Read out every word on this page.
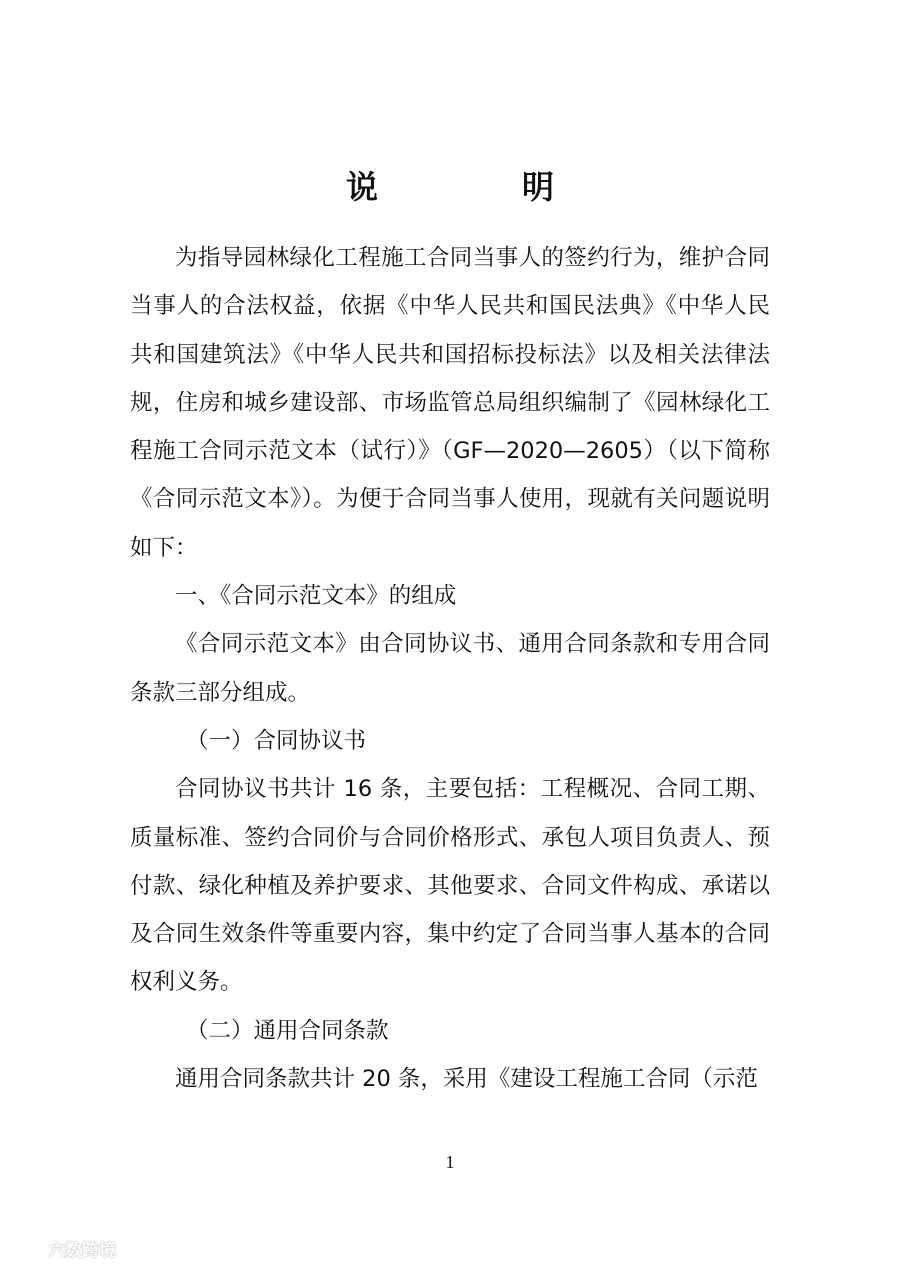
说　明

为指导园林绿化工程施工合同当事人的签约行为，维护合同当事人的合法权益，依据《中华人民共和国民法典》《中华人民共和国建筑法》《中华人民共和国招标投标法》以及相关法律法规，住房和城乡建设部、市场监管总局组织编制了《园林绿化工程施工合同示范文本（试行）》（GF—2020—2605）（以下简称《合同示范文本》）。为便于合同当事人使用，现就有关问题说明如下：

一、《合同示范文本》的组成

《合同示范文本》由合同协议书、通用合同条款和专用合同条款三部分组成。

（一）合同协议书

合同协议书共计 16 条，主要包括：工程概况、合同工期、质量标准、签约合同价与合同价格形式、承包人项目负责人、预付款、绿化种植及养护要求、其他要求、合同文件构成、承诺以及合同生效条件等重要内容，集中约定了合同当事人基本的合同权利义务。

（二）通用合同条款

通用合同条款共计 20 条，采用《建设工程施工合同（示范

1
六数跨境
